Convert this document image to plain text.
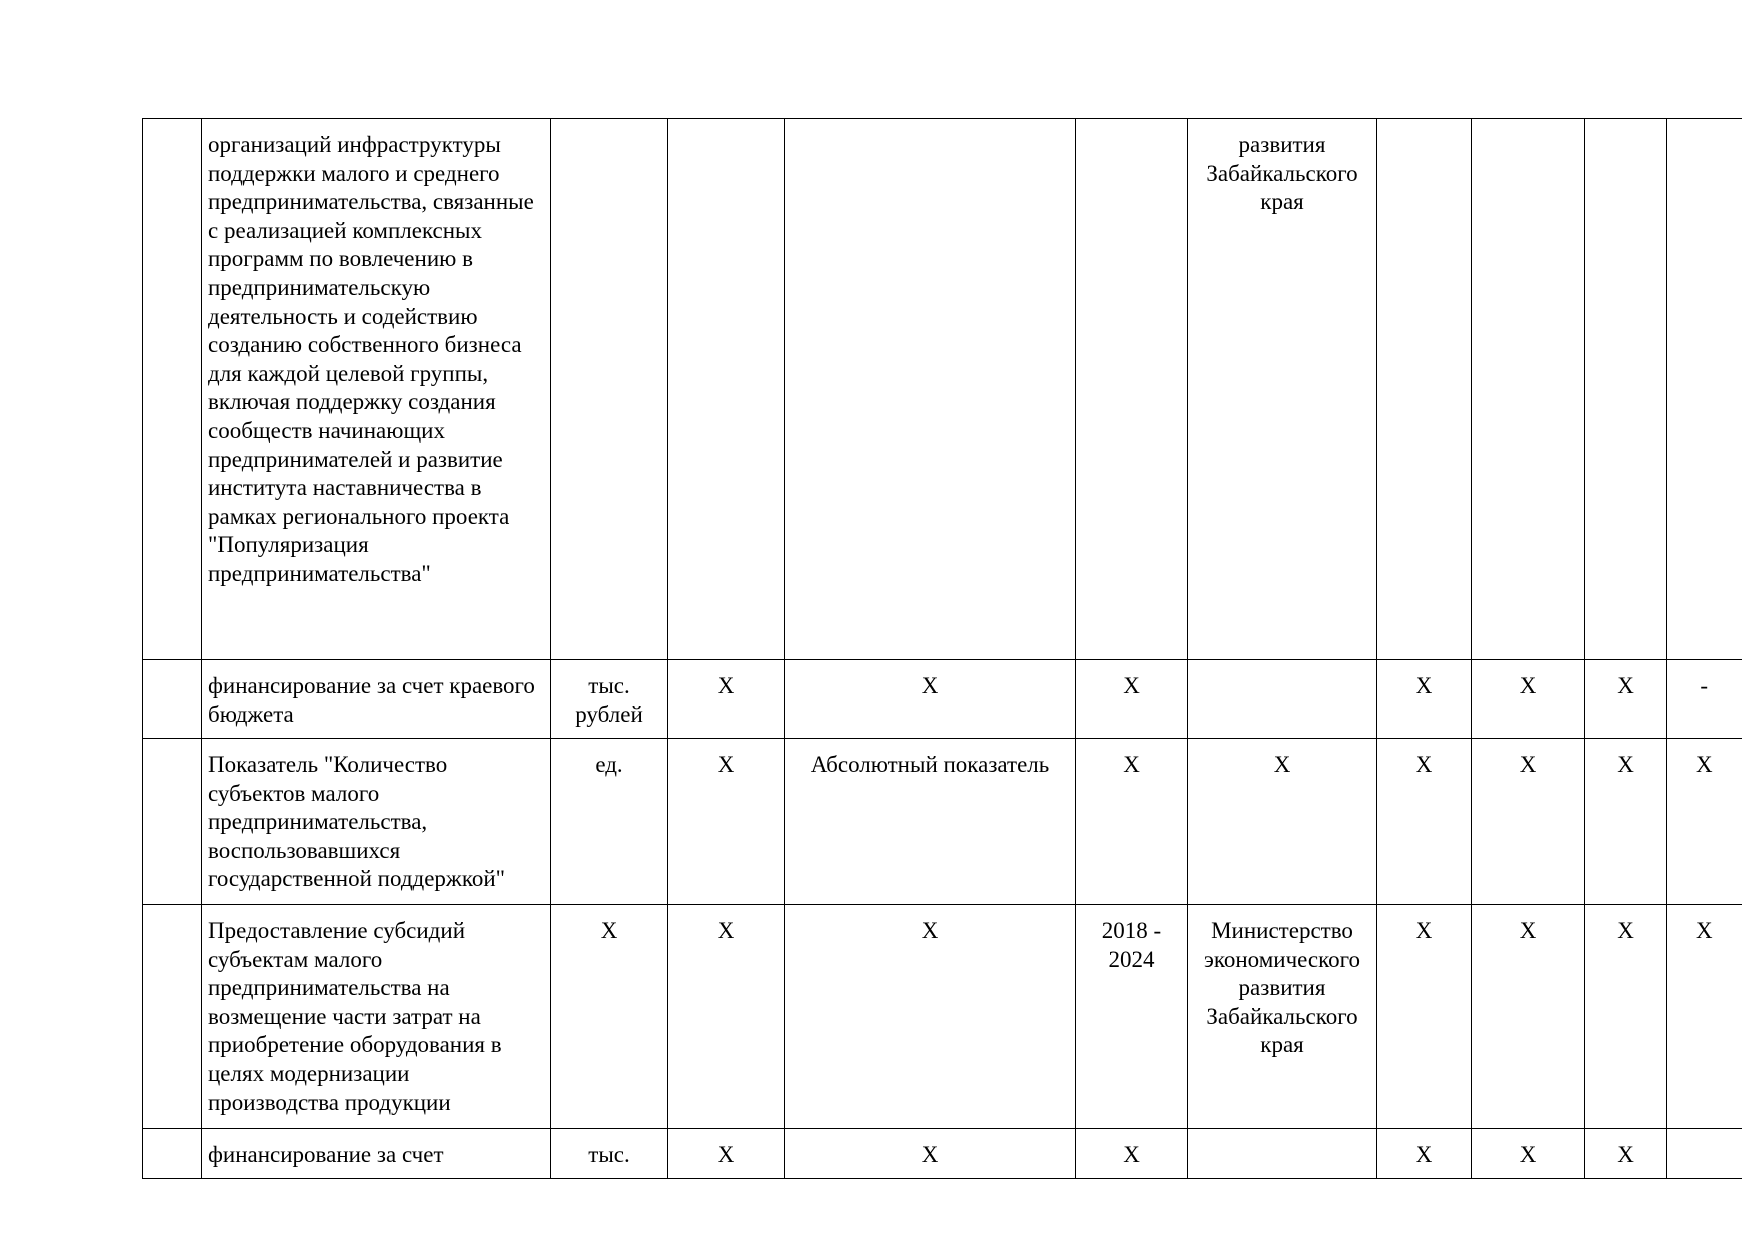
	организаций инфраструктуры поддержки малого и среднего предпринимательства, связанные с реализацией комплексных программ по вовлечению в предпринимательскую деятельность и содействию созданию собственного бизнеса для каждой целевой группы, включая поддержку создания сообществ начинающих предпринимателей и развитие института наставничества в рамках регионального проекта "Популяризация предпринимательства"					развития Забайкальского края				
	финансирование за счет краевого бюджета	тыс. рублей	X	X	X		X	X	X	-
	Показатель "Количество субъектов малого предпринимательства, воспользовавшихся государственной поддержкой"	ед.	X	Абсолютный показатель	X	X	X	X	X	X
	Предоставление субсидий субъектам малого предпринимательства на возмещение части затрат на приобретение оборудования в целях модернизации производства продукции	X	X	X	2018 - 2024	Министерство экономического развития Забайкальского края	X	X	X	X
	финансирование за счет	тыс.	X	X	X		X	X	X	
